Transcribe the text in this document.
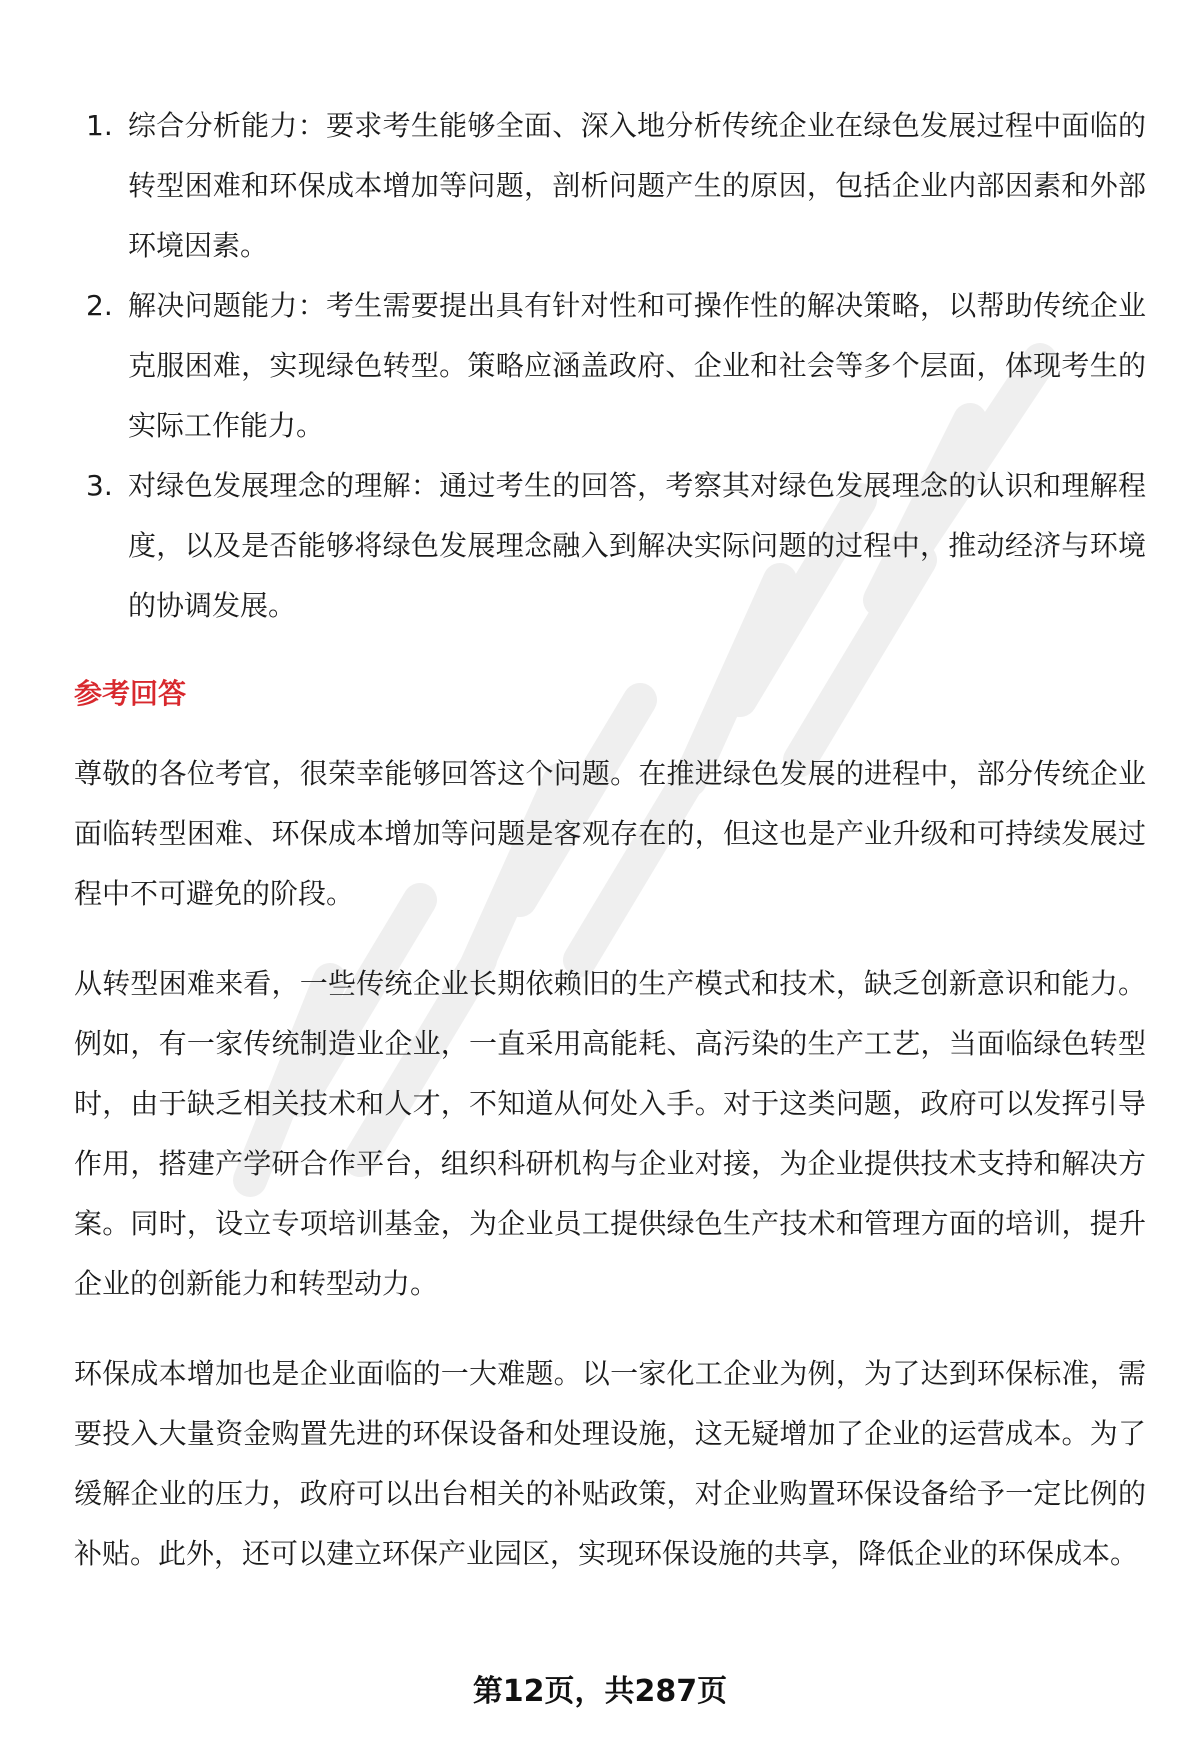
1. 综合分析能力：要求考生能够全面、深入地分析传统企业在绿色发展过程中面临的转型困难和环保成本增加等问题，剖析问题产生的原因，包括企业内部因素和外部环境因素。
2. 解决问题能力：考生需要提出具有针对性和可操作性的解决策略，以帮助传统企业克服困难，实现绿色转型。策略应涵盖政府、企业和社会等多个层面，体现考生的实际工作能力。
3. 对绿色发展理念的理解：通过考生的回答，考察其对绿色发展理念的认识和理解程度，以及是否能够将绿色发展理念融入到解决实际问题的过程中，推动经济与环境的协调发展。
参考回答

尊敬的各位考官，很荣幸能够回答这个问题。在推进绿色发展的进程中，部分传统企业面临转型困难、环保成本增加等问题是客观存在的，但这也是产业升级和可持续发展过程中不可避免的阶段。

从转型困难来看，一些传统企业长期依赖旧的生产模式和技术，缺乏创新意识和能力。例如，有一家传统制造业企业，一直采用高能耗、高污染的生产工艺，当面临绿色转型时，由于缺乏相关技术和人才，不知道从何处入手。对于这类问题，政府可以发挥引导作用，搭建产学研合作平台，组织科研机构与企业对接，为企业提供技术支持和解决方案。同时，设立专项培训基金，为企业员工提供绿色生产技术和管理方面的培训，提升企业的创新能力和转型动力。

环保成本增加也是企业面临的一大难题。以一家化工企业为例，为了达到环保标准，需要投入大量资金购置先进的环保设备和处理设施，这无疑增加了企业的运营成本。为了缓解企业的压力，政府可以出台相关的补贴政策，对企业购置环保设备给予一定比例的补贴。此外，还可以建立环保产业园区，实现环保设施的共享，降低企业的环保成本。

第12页，共287页
